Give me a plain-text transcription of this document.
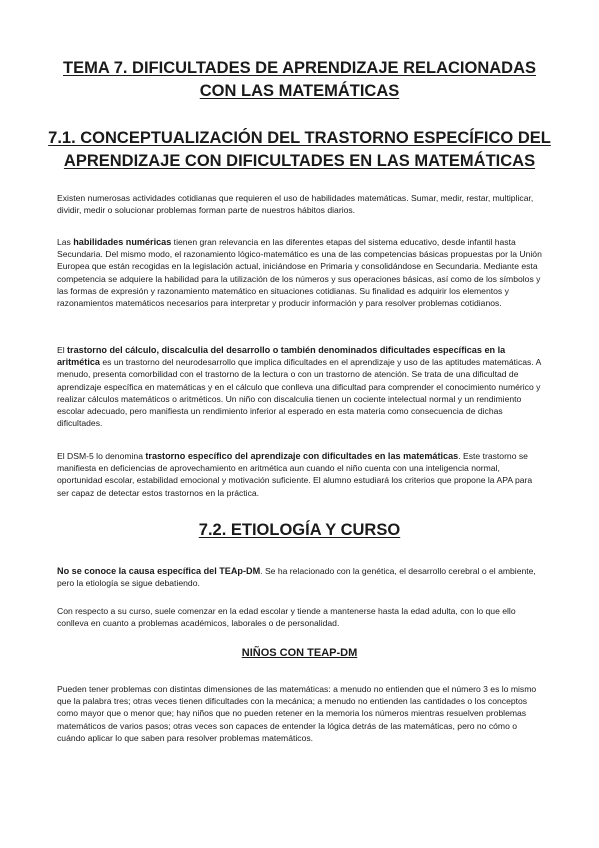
TEMA 7. DIFICULTADES DE APRENDIZAJE RELACIONADAS
CON LAS MATEMÁTICAS
7.1. CONCEPTUALIZACIÓN DEL TRASTORNO ESPECÍFICO DEL
APRENDIZAJE CON DIFICULTADES EN LAS MATEMÁTICAS

Existen numerosas actividades cotidianas que requieren el uso de habilidades matemáticas. Sumar, medir, restar, multiplicar, dividir, medir o solucionar problemas forman parte de nuestros hábitos diarios.

Las habilidades numéricas tienen gran relevancia en las diferentes etapas del sistema educativo, desde infantil hasta Secundaria. Del mismo modo, el razonamiento lógico-matemático es una de las competencias básicas propuestas por la Unión Europea que están recogidas en la legislación actual, iniciándose en Primaria y consolidándose en Secundaria. Mediante esta competencia se adquiere la habilidad para la utilización de los números y sus operaciones básicas, así como de los símbolos y las formas de expresión y razonamiento matemático en situaciones cotidianas. Su finalidad es adquirir los elementos y razonamientos matemáticos necesarios para interpretar y producir información y para resolver problemas cotidianos.

El trastorno del cálculo, discalculia del desarrollo o también denominados dificultades específicas en la aritmética es un trastorno del neurodesarrollo que implica dificultades en el aprendizaje y uso de las aptitudes matemáticas. A menudo, presenta comorbilidad con el trastorno de la lectura o con un trastorno de atención. Se trata de una dificultad de aprendizaje específica en matemáticas y en el cálculo que conlleva una dificultad para comprender el conocimiento numérico y realizar cálculos matemáticos o aritméticos. Un niño con discalculia tienen un cociente intelectual normal y un rendimiento escolar adecuado, pero manifiesta un rendimiento inferior al esperado en esta materia como consecuencia de dichas dificultades.

El DSM-5 lo denomina trastorno específico del aprendizaje con dificultades en las matemáticas. Este trastorno se manifiesta en deficiencias de aprovechamiento en aritmética aun cuando el niño cuenta con una inteligencia normal, oportunidad escolar, estabilidad emocional y motivación suficiente. El alumno estudiará los criterios que propone la APA para ser capaz de detectar estos trastornos en la práctica.

7.2. ETIOLOGÍA Y CURSO

No se conoce la causa específica del TEAp-DM. Se ha relacionado con la genética, el desarrollo cerebral o el ambiente, pero la etiología se sigue debatiendo.

Con respecto a su curso, suele comenzar en la edad escolar y tiende a mantenerse hasta la edad adulta, con lo que ello conlleva en cuanto a problemas académicos, laborales o de personalidad.

NIÑOS CON TEAP-DM

Pueden tener problemas con distintas dimensiones de las matemáticas: a menudo no entienden que el número 3 es lo mismo que la palabra tres; otras veces tienen dificultades con la mecánica; a menudo no entienden las cantidades o los conceptos como mayor que o menor que; hay niños que no pueden retener en la memoria los números mientras resuelven problemas matemáticos de varios pasos; otras veces son capaces de entender la lógica detrás de las matemáticas, pero no cómo o cuándo aplicar lo que saben para resolver problemas matemáticos.
